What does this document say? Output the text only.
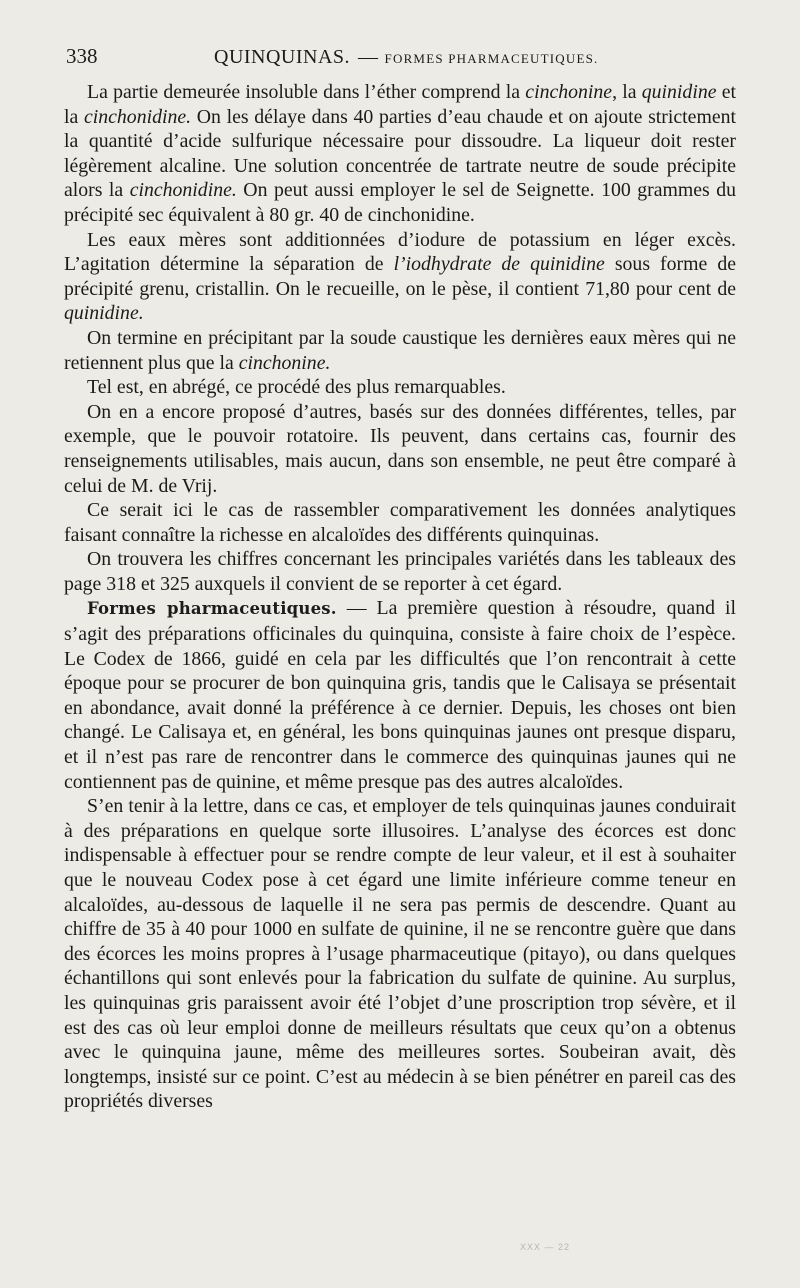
338	QUINQUINAS. — FORMES PHARMACEUTIQUES.

La partie demeurée insoluble dans l’éther comprend la cinchonine, la quinidine et la cinchonidine. On les délaye dans 40 parties d’eau chaude et on ajoute strictement la quantité d’acide sulfurique nécessaire pour dissoudre. La liqueur doit rester légèrement alcaline. Une solution concentrée de tartrate neutre de soude précipite alors la cinchonidine. On peut aussi employer le sel de Seignette. 100 grammes du précipité sec équivalent à 80 gr. 40 de cinchonidine.

Les eaux mères sont additionnées d’iodure de potassium en léger excès. L’agitation détermine la séparation de l’iodhydrate de quinidine sous forme de précipité grenu, cristallin. On le recueille, on le pèse, il contient 71,80 pour cent de quinidine.

On termine en précipitant par la soude caustique les dernières eaux mères qui ne retiennent plus que la cinchonine.

Tel est, en abrégé, ce procédé des plus remarquables.

On en a encore proposé d’autres, basés sur des données différentes, telles, par exemple, que le pouvoir rotatoire. Ils peuvent, dans certains cas, fournir des renseignements utilisables, mais aucun, dans son ensemble, ne peut être comparé à celui de M. de Vrij.

Ce serait ici le cas de rassembler comparativement les données analytiques faisant connaître la richesse en alcaloïdes des différents quinquinas.

On trouvera les chiffres concernant les principales variétés dans les tableaux des page 318 et 325 auxquels il convient de se reporter à cet égard.

Formes pharmaceutiques. — La première question à résoudre, quand il s’agit des préparations officinales du quinquina, consiste à faire choix de l’espèce. Le Codex de 1866, guidé en cela par les difficultés que l’on rencontrait à cette époque pour se procurer de bon quinquina gris, tandis que le Calisaya se présentait en abondance, avait donné la préférence à ce dernier. Depuis, les choses ont bien changé. Le Calisaya et, en général, les bons quinquinas jaunes ont presque disparu, et il n’est pas rare de rencontrer dans le commerce des quinquinas jaunes qui ne contiennent pas de quinine, et même presque pas des autres alcaloïdes.

S’en tenir à la lettre, dans ce cas, et employer de tels quinquinas jaunes conduirait à des préparations en quelque sorte illusoires. L’analyse des écorces est donc indispensable à effectuer pour se rendre compte de leur valeur, et il est à souhaiter que le nouveau Codex pose à cet égard une limite inférieure comme teneur en alcaloïdes, au-dessous de laquelle il ne sera pas permis de descendre. Quant au chiffre de 35 à 40 pour 1000 en sulfate de quinine, il ne se rencontre guère que dans des écorces les moins propres à l’usage pharmaceutique (pitayo), ou dans quelques échantillons qui sont enlevés pour la fabrication du sulfate de quinine. Au surplus, les quinquinas gris paraissent avoir été l’objet d’une proscription trop sévère, et il est des cas où leur emploi donne de meilleurs résultats que ceux qu’on a obtenus avec le quinquina jaune, même des meilleures sortes. Soubeiran avait, dès longtemps, insisté sur ce point. C’est au médecin à se bien pénétrer en pareil cas des propriétés diverses

XXX — 22
